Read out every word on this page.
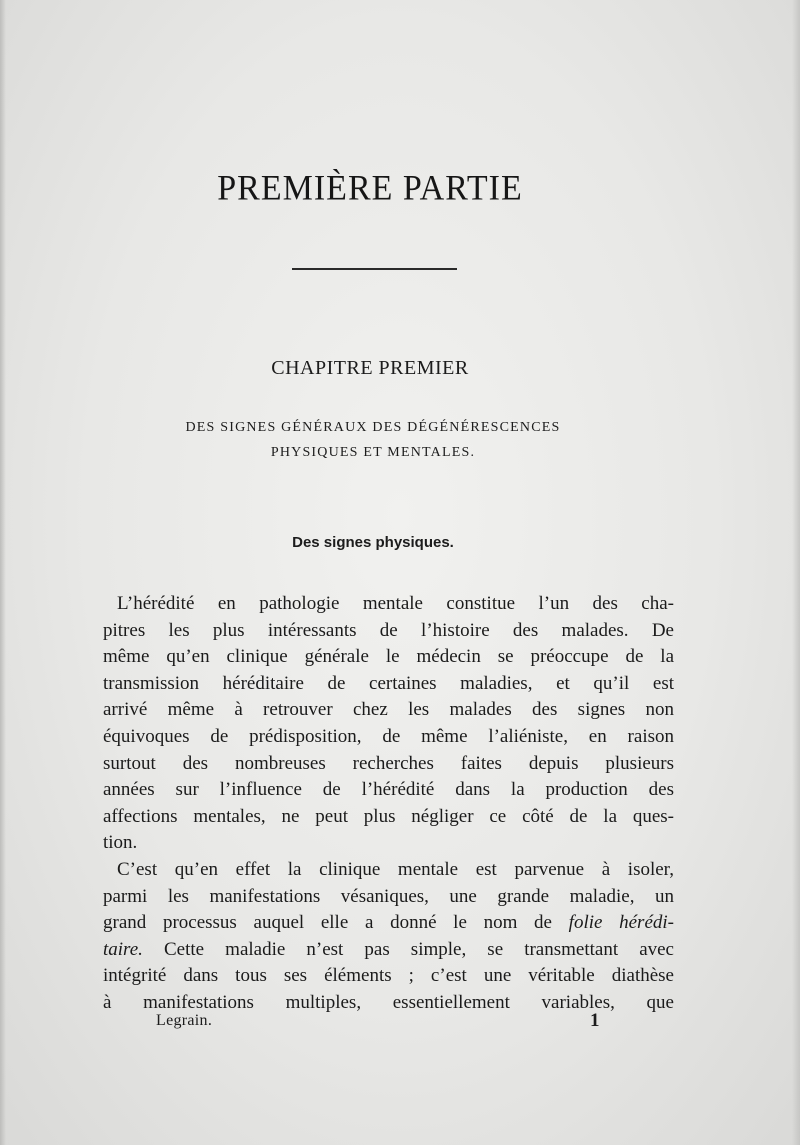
PREMIÈRE PARTIE
CHAPITRE PREMIER
DES SIGNES GÉNÉRAUX DES DÉGÉNÉRESCENCES
PHYSIQUES ET MENTALES.
Des signes physiques.
L’hérédité en pathologie mentale constitue l’un des cha-
pitres les plus intéressants de l’histoire des malades. De
même qu’en clinique générale le médecin se préoccupe de la
transmission héréditaire de certaines maladies, et qu’il est
arrivé même à retrouver chez les malades des signes non
équivoques de prédisposition, de même l’aliéniste, en raison
surtout des nombreuses recherches faites depuis plusieurs
années sur l’influence de l’hérédité dans la production des
affections mentales, ne peut plus négliger ce côté de la ques-
tion.
C’est qu’en effet la clinique mentale est parvenue à isoler,
parmi les manifestations vésaniques, une grande maladie, un
grand processus auquel elle a donné le nom de folie hérédi-
taire. Cette maladie n’est pas simple, se transmettant avec
intégrité dans tous ses éléments ; c’est une véritable diathèse
à manifestations multiples, essentiellement variables, que
Legrain.	1
